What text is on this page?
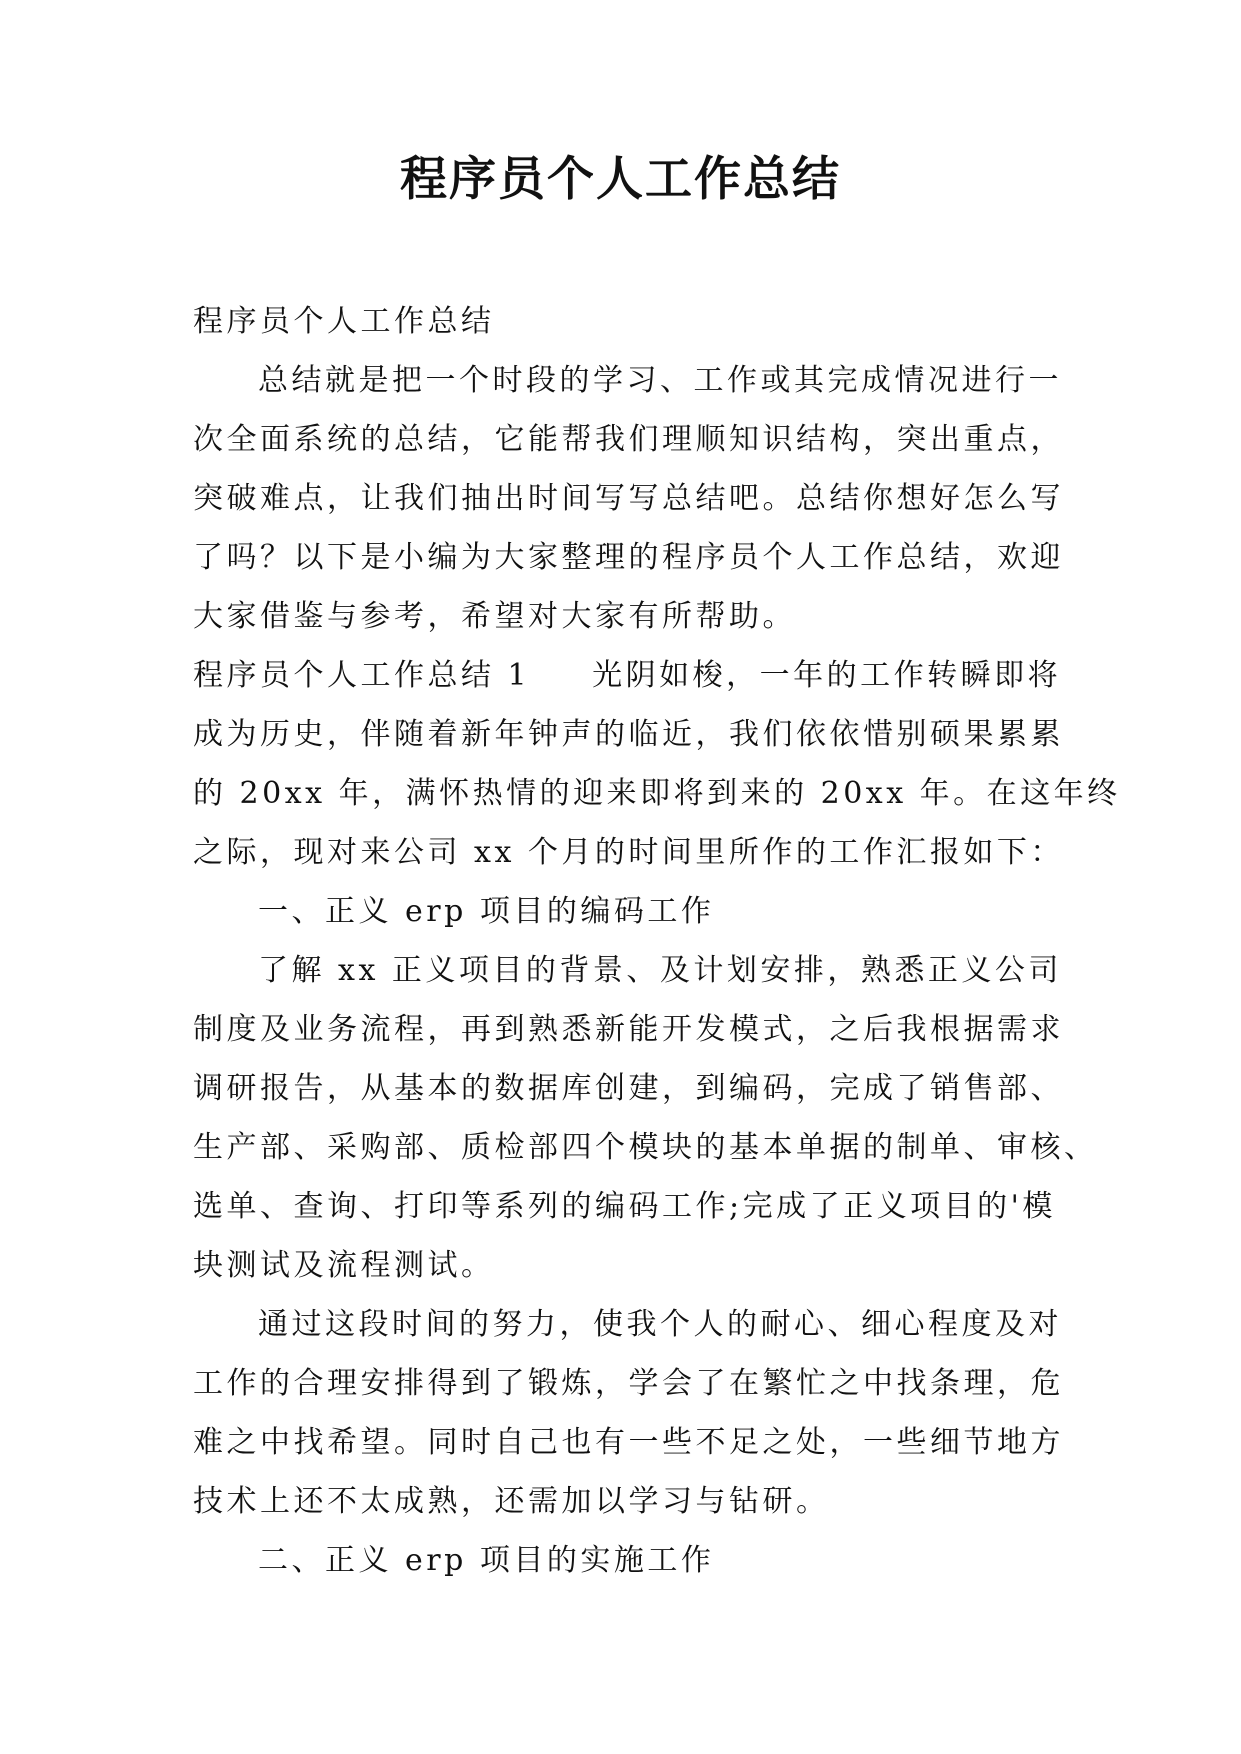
程序员个人工作总结
程序员个人工作总结
总结就是把一个时段的学习、工作或其完成情况进行一
次全面系统的总结，它能帮我们理顺知识结构，突出重点，
突破难点，让我们抽出时间写写总结吧。总结你想好怎么写
了吗？以下是小编为大家整理的程序员个人工作总结，欢迎
大家借鉴与参考，希望对大家有所帮助。
程序员个人工作总结 1 光阴如梭，一年的工作转瞬即将
成为历史，伴随着新年钟声的临近，我们依依惜别硕果累累
的 20xx 年，满怀热情的迎来即将到来的 20xx 年。在这年终
之际，现对来公司 xx 个月的时间里所作的工作汇报如下：
一、正义 erp 项目的编码工作
了解 xx 正义项目的背景、及计划安排，熟悉正义公司
制度及业务流程，再到熟悉新能开发模式，之后我根据需求
调研报告，从基本的数据库创建，到编码，完成了销售部、
生产部、采购部、质检部四个模块的基本单据的制单、审核、
选单、查询、打印等系列的编码工作;完成了正义项目的'模
块测试及流程测试。
通过这段时间的努力，使我个人的耐心、细心程度及对
工作的合理安排得到了锻炼，学会了在繁忙之中找条理，危
难之中找希望。同时自己也有一些不足之处，一些细节地方
技术上还不太成熟，还需加以学习与钻研。
二、正义 erp 项目的实施工作
